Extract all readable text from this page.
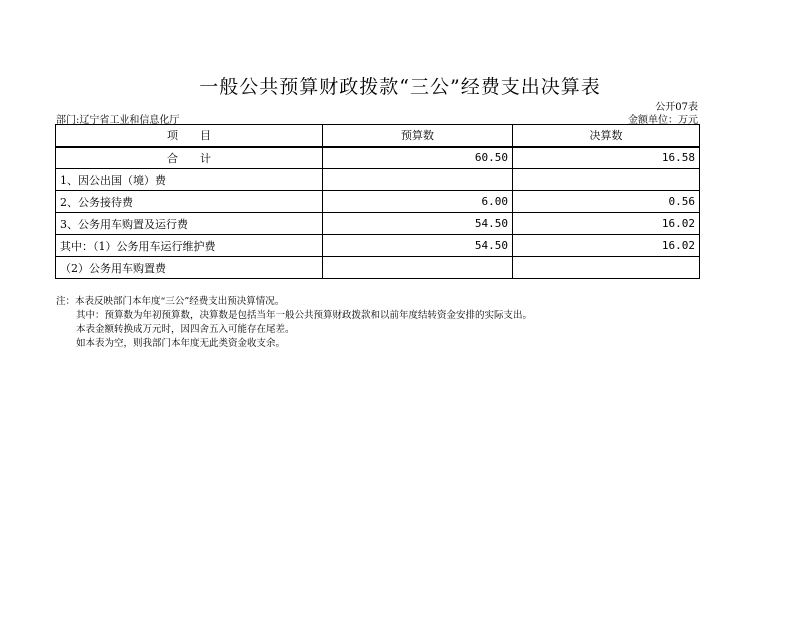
一般公共预算财政拨款“三公”经费支出决算表
公开07表
部门:辽宁省工业和信息化厅	金额单位：万元
项　　目	预算数	决算数
合　　计	60.50	16.58
1、因公出国（境）费		
2、公务接待费	6.00	0.56
3、公务用车购置及运行费	54.50	16.02
其中：（1）公务用车运行维护费	54.50	16.02
（2）公务用车购置费		
注：本表反映部门本年度“三公”经费支出预决算情况。
其中：预算数为年初预算数，决算数是包括当年一般公共预算财政拨款和以前年度结转资金安排的实际支出。
本表金额转换成万元时，因四舍五入可能存在尾差。
如本表为空，则我部门本年度无此类资金收支余。
